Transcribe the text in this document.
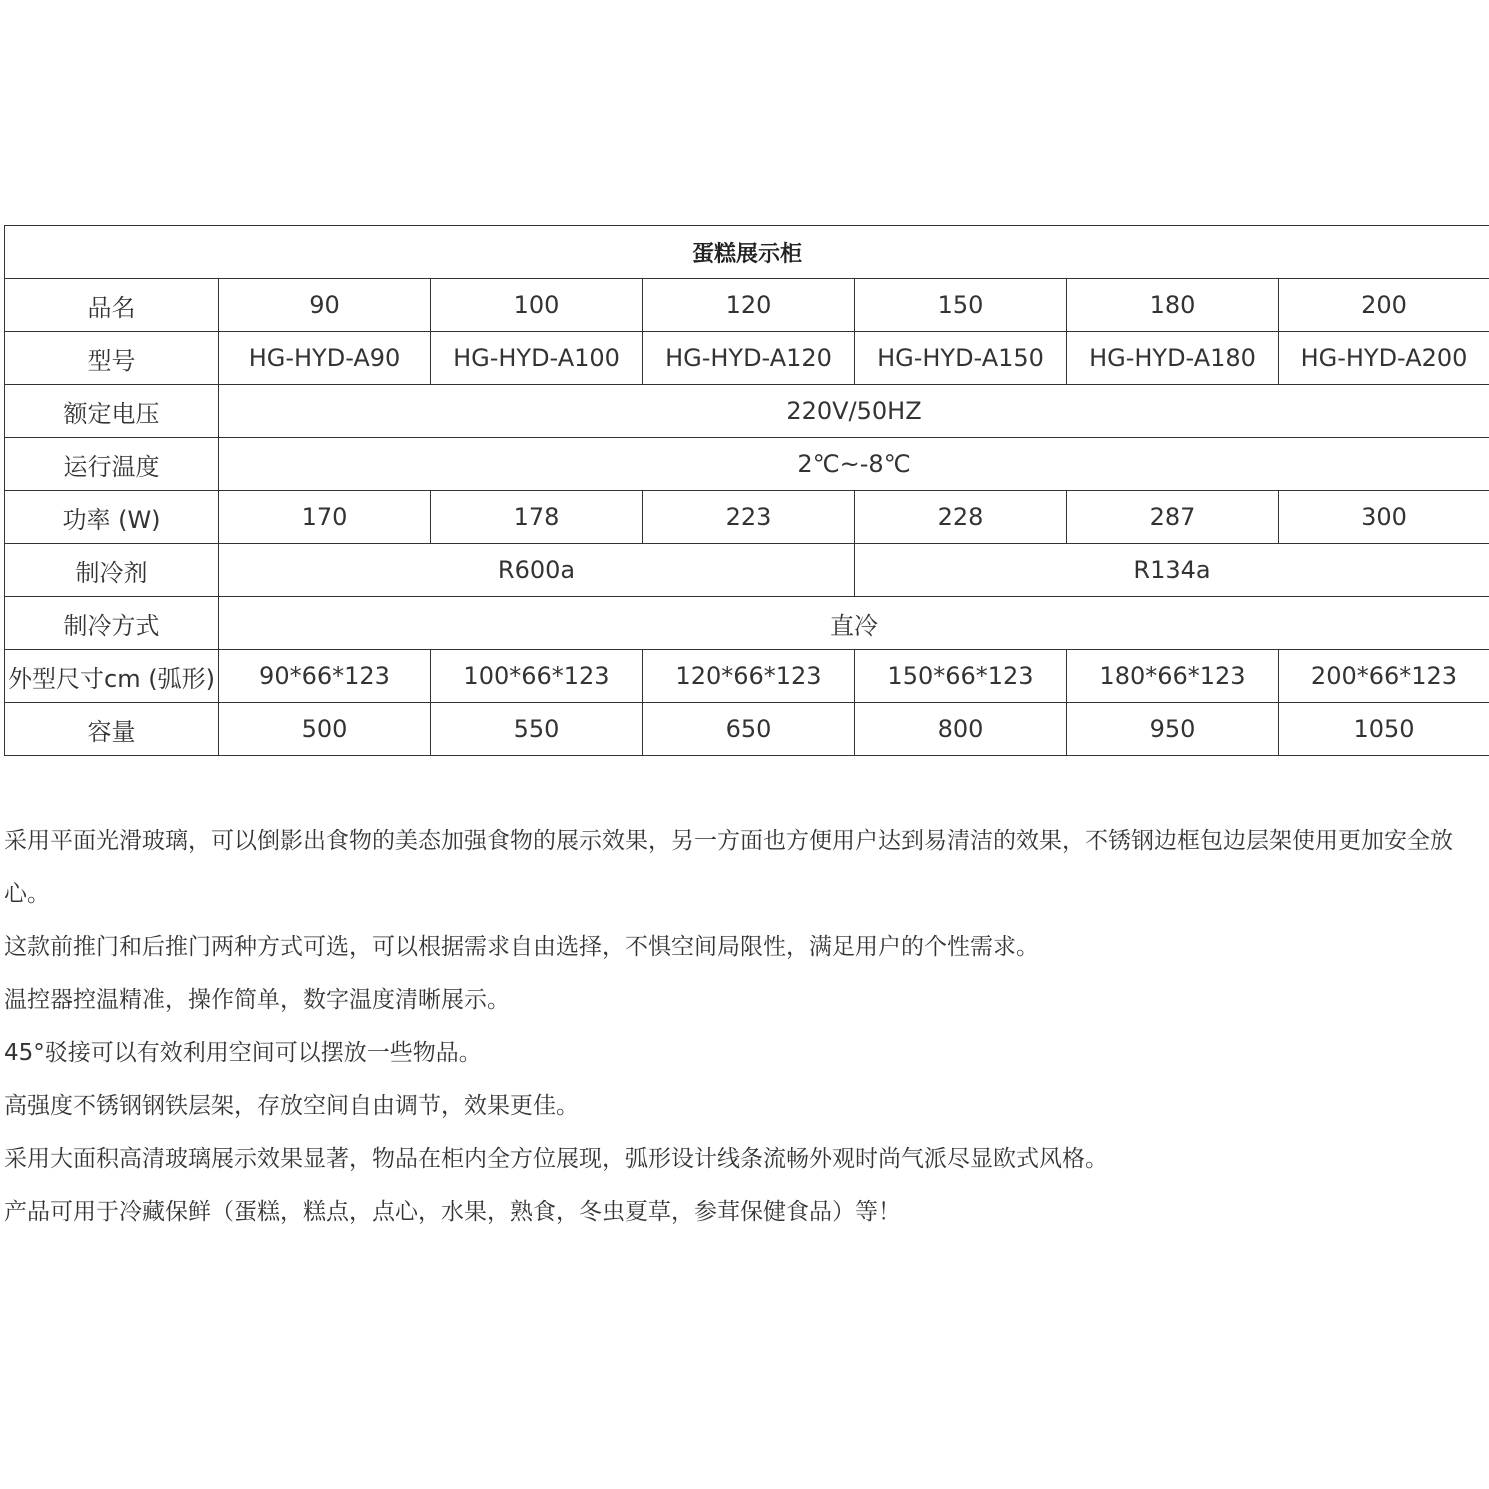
蛋糕展示柜						
品名	90	100	120	150	180	200
型号	HG-HYD-A90	HG-HYD-A100	HG-HYD-A120	HG-HYD-A150	HG-HYD-A180	HG-HYD-A200
额定电压	220V/50HZ					
运行温度	2℃~-8℃					
功率 (W)	170	178	223	228	287	300
制冷剂	R600a			R134a		
制冷方式	直冷					
外型尺寸cm (弧形)	90*66*123	100*66*123	120*66*123	150*66*123	180*66*123	200*66*123
容量	500	550	650	800	950	1050

采用平面光滑玻璃，可以倒影出食物的美态加强食物的展示效果，另一方面也方便用户达到易清洁的效果，不锈钢边框包边层架使用更加安全放心。

这款前推门和后推门两种方式可选，可以根据需求自由选择，不惧空间局限性，满足用户的个性需求。

温控器控温精准，操作简单，数字温度清晰展示。

45°驳接可以有效利用空间可以摆放一些物品。

高强度不锈钢钢铁层架，存放空间自由调节，效果更佳。

采用大面积高清玻璃展示效果显著，物品在柜内全方位展现，弧形设计线条流畅外观时尚气派尽显欧式风格。

产品可用于冷藏保鲜（蛋糕，糕点，点心，水果，熟食，冬虫夏草，参茸保健食品）等！
